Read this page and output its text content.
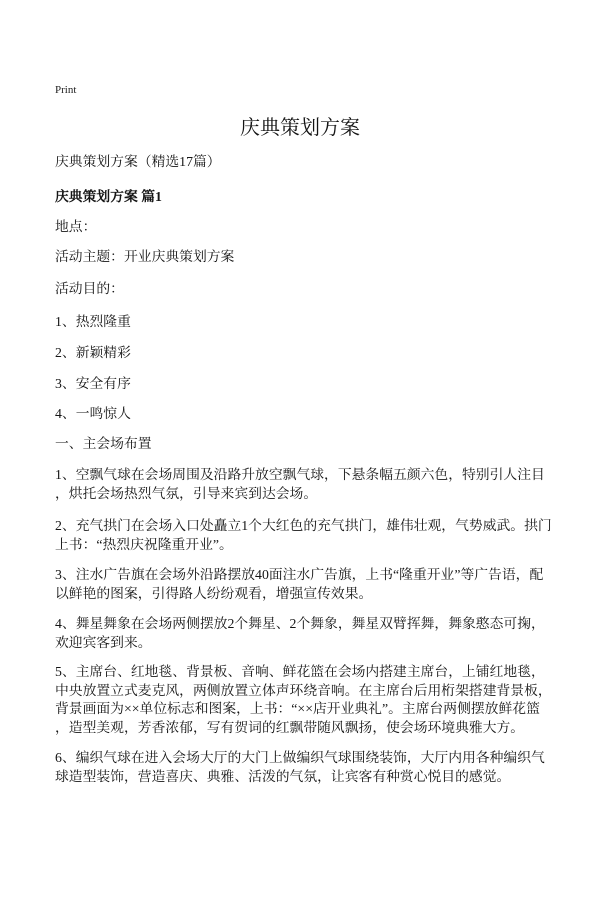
Print
庆典策划方案
庆典策划方案（精选17篇）
庆典策划方案 篇1
地点：
活动主题：开业庆典策划方案
活动目的：
1、热烈隆重
2、新颖精彩
3、安全有序
4、一鸣惊人
一、主会场布置
1、空飘气球在会场周围及沿路升放空飘气球，下悬条幅五颜六色，特别引人注目
，烘托会场热烈气氛，引导来宾到达会场。
2、充气拱门在会场入口处矗立1个大红色的充气拱门，雄伟壮观，气势威武。拱门
上书：“热烈庆祝隆重开业”。
3、注水广告旗在会场外沿路摆放40面注水广告旗，上书“隆重开业”等广告语，配
以鲜艳的图案，引得路人纷纷观看，增强宣传效果。
4、舞星舞象在会场两侧摆放2个舞星、2个舞象，舞星双臂挥舞，舞象憨态可掬，
欢迎宾客到来。
5、主席台、红地毯、背景板、音响、鲜花篮在会场内搭建主席台，上铺红地毯，
中央放置立式麦克风，两侧放置立体声环绕音响。在主席台后用桁架搭建背景板，
背景画面为××单位标志和图案，上书：“××店开业典礼”。主席台两侧摆放鲜花篮
，造型美观，芳香浓郁，写有贺词的红飘带随风飘扬，使会场环境典雅大方。
6、编织气球在进入会场大厅的大门上做编织气球围绕装饰，大厅内用各种编织气
球造型装饰，营造喜庆、典雅、活泼的气氛，让宾客有种赏心悦目的感觉。
